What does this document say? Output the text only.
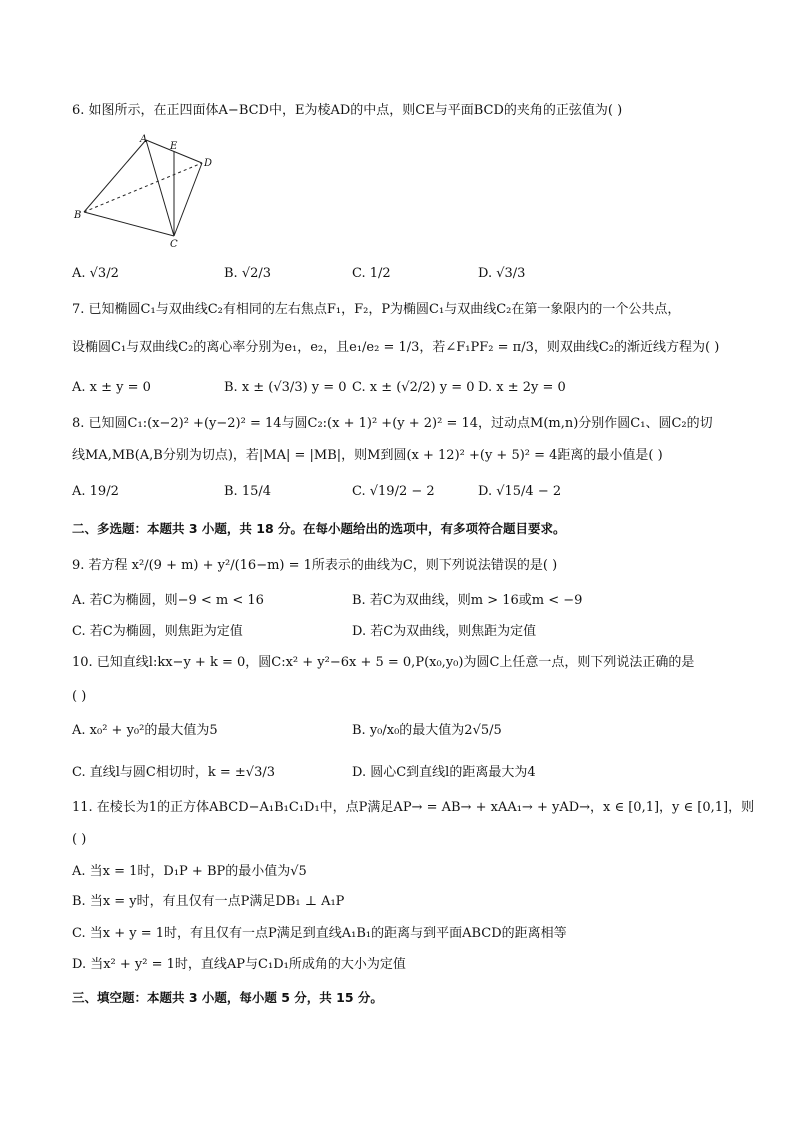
6. 如图所示，在正四面体A−BCD中，E为棱AD的中点，则CE与平面BCD的夹角的正弦值为( )
A
E
D
B
C
A. √3/2	B. √2/3	C. 1/2	D. √3/3
7. 已知椭圆C₁与双曲线C₂有相同的左右焦点F₁，F₂，P为椭圆C₁与双曲线C₂在第一象限内的一个公共点，
设椭圆C₁与双曲线C₂的离心率分别为e₁，e₂，且e₁/e₂ = 1/3，若∠F₁PF₂ = π/3，则双曲线C₂的渐近线方程为( )
A. x ± y = 0	B. x ± (√3/3) y = 0 C. x ± (√2/2) y = 0 D. x ± 2y = 0
8. 已知圆C₁:(x−2)² +(y−2)² = 14与圆C₂:(x + 1)² +(y + 2)² = 14，过动点M(m,n)分别作圆C₁、圆C₂的切
线MA,MB(A,B分别为切点)，若|MA| = |MB|，则M到圆(x + 12)² +(y + 5)² = 4距离的最小值是( )
A. 19/2	B. 15/4	C. √19/2 − 2	D. √15/4 − 2
二、多选题：本题共 3 小题，共 18 分。在每小题给出的选项中，有多项符合题目要求。
9. 若方程 x²/(9 + m) + y²/(16−m) = 1所表示的曲线为C，则下列说法错误的是( )
A. 若C为椭圆，则−9 < m < 16	B. 若C为双曲线，则m > 16或m < −9
C. 若C为椭圆，则焦距为定值	D. 若C为双曲线，则焦距为定值
10. 已知直线l:kx−y + k = 0，圆C:x² + y²−6x + 5 = 0,P(x₀,y₀)为圆C上任意一点，则下列说法正确的是
( )
A. x₀² + y₀²的最大值为5	B. y₀/x₀的最大值为2√5/5
C. 直线l与圆C相切时，k = ±√3/3	D. 圆心C到直线l的距离最大为4
11. 在棱长为1的正方体ABCD−A₁B₁C₁D₁中，点P满足AP→ = AB→ + xAA₁→ + yAD→，x ∈ [0,1]，y ∈ [0,1]，则
( )
A. 当x = 1时，D₁P + BP的最小值为√5
B. 当x = y时，有且仅有一点P满足DB₁ ⊥ A₁P
C. 当x + y = 1时，有且仅有一点P满足到直线A₁B₁的距离与到平面ABCD的距离相等
D. 当x² + y² = 1时，直线AP与C₁D₁所成角的大小为定值
三、填空题：本题共 3 小题，每小题 5 分，共 15 分。
